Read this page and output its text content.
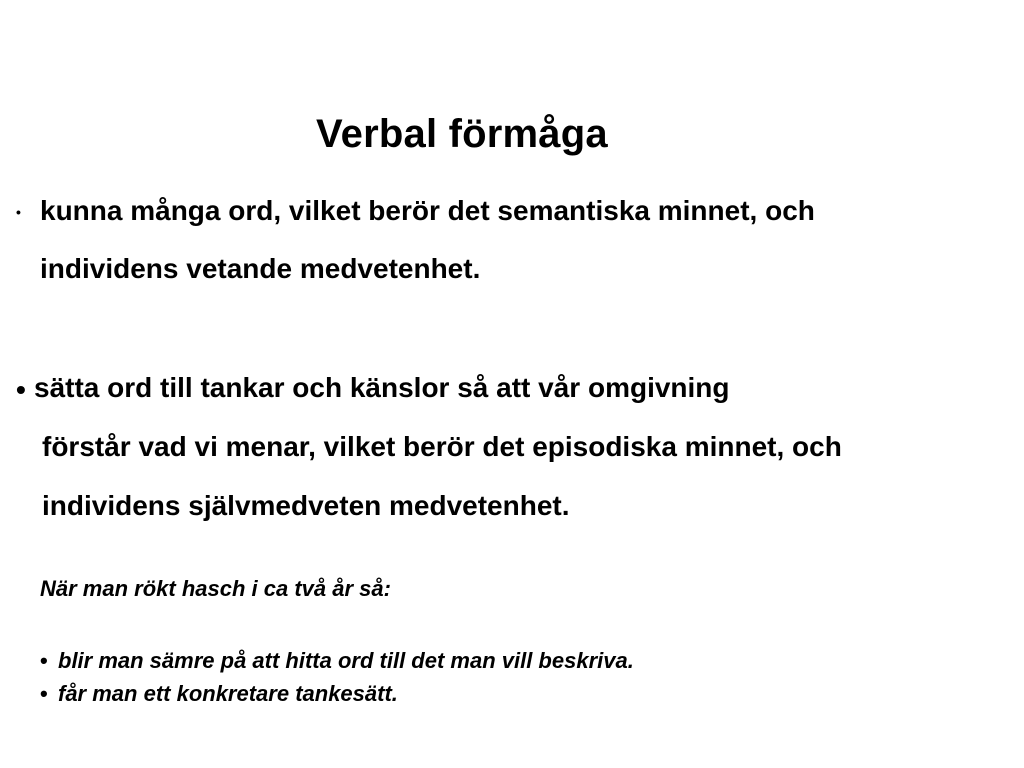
Verbal förmåga
• kunna många ord, vilket berör det semantiska minnet, och
individens vetande medvetenhet.
• sätta ord till tankar och känslor så att vår omgivning
förstår vad vi menar, vilket berör det episodiska minnet, och
individens självmedveten medvetenhet.
När man rökt hasch i ca två år så:
• blir man sämre på att hitta ord till det man vill beskriva.
• får man ett konkretare tankesätt.
